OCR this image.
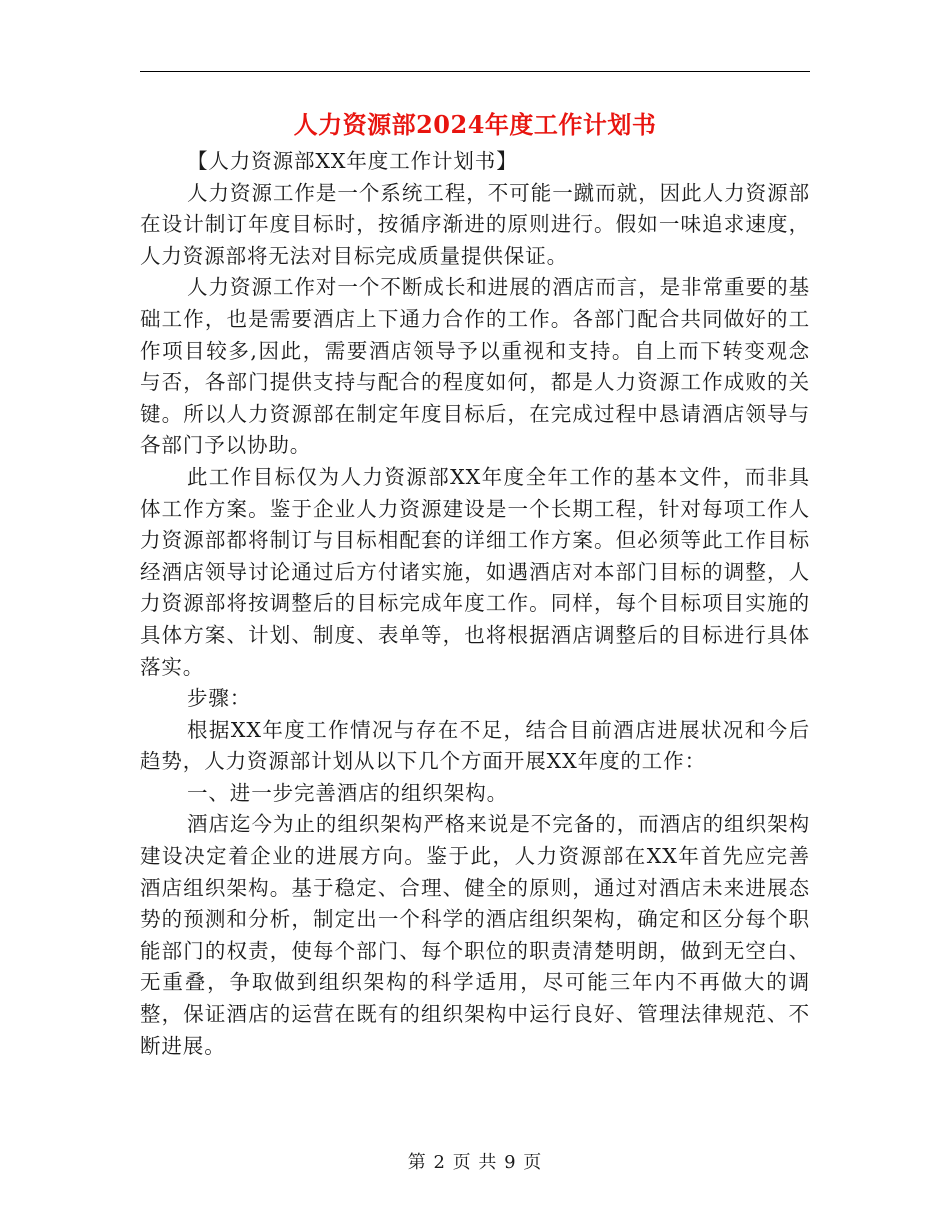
人力资源部2024年度工作计划书

【人力资源部XX年度工作计划书】

人力资源工作是一个系统工程，不可能一蹴而就，因此人力资源部在设计制订年度目标时，按循序渐进的原则进行。假如一味追求速度，人力资源部将无法对目标完成质量提供保证。

人力资源工作对一个不断成长和进展的酒店而言，是非常重要的基础工作，也是需要酒店上下通力合作的工作。各部门配合共同做好的工作项目较多,因此，需要酒店领导予以重视和支持。自上而下转变观念与否，各部门提供支持与配合的程度如何，都是人力资源工作成败的关键。所以人力资源部在制定年度目标后，在完成过程中恳请酒店领导与各部门予以协助。

此工作目标仅为人力资源部XX年度全年工作的基本文件，而非具体工作方案。鉴于企业人力资源建设是一个长期工程，针对每项工作人力资源部都将制订与目标相配套的详细工作方案。但必须等此工作目标经酒店领导讨论通过后方付诸实施，如遇酒店对本部门目标的调整，人力资源部将按调整后的目标完成年度工作。同样，每个目标项目实施的具体方案、计划、制度、表单等，也将根据酒店调整后的目标进行具体落实。

步骤：

根据XX年度工作情况与存在不足，结合目前酒店进展状况和今后趋势，人力资源部计划从以下几个方面开展XX年度的工作：

一、进一步完善酒店的组织架构。

酒店迄今为止的组织架构严格来说是不完备的，而酒店的组织架构建设决定着企业的进展方向。鉴于此，人力资源部在XX年首先应完善酒店组织架构。基于稳定、合理、健全的原则，通过对酒店未来进展态势的预测和分析，制定出一个科学的酒店组织架构，确定和区分每个职能部门的权责，使每个部门、每个职位的职责清楚明朗，做到无空白、无重叠，争取做到组织架构的科学适用，尽可能三年内不再做大的调整，保证酒店的运营在既有的组织架构中运行良好、管理法律规范、不断进展。

第 2 页 共 9 页
